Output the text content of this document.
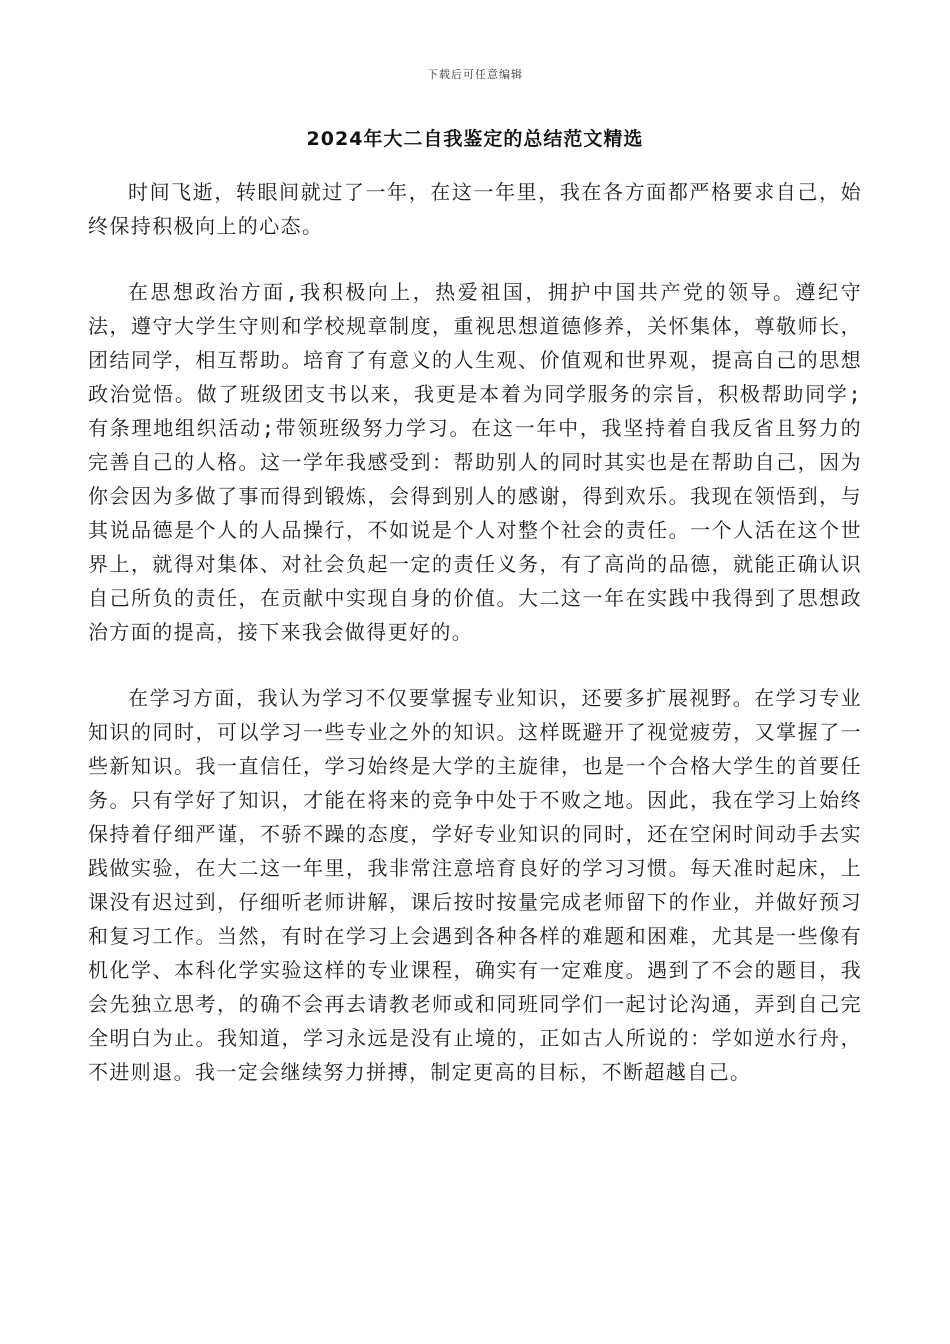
下载后可任意编辑
2024年大二自我鉴定的总结范文精选

时间飞逝，转眼间就过了一年，在这一年里，我在各方面都严格要求自己，始终保持积极向上的心态。

在思想政治方面,我积极向上，热爱祖国，拥护中国共产党的领导。遵纪守法，遵守大学生守则和学校规章制度，重视思想道德修养，关怀集体，尊敬师长，团结同学，相互帮助。培育了有意义的人生观、价值观和世界观，提高自己的思想政治觉悟。做了班级团支书以来，我更是本着为同学服务的宗旨，积极帮助同学;有条理地组织活动;带领班级努力学习。在这一年中，我坚持着自我反省且努力的完善自己的人格。这一学年我感受到：帮助别人的同时其实也是在帮助自己，因为你会因为多做了事而得到锻炼，会得到别人的感谢，得到欢乐。我现在领悟到，与其说品德是个人的人品操行，不如说是个人对整个社会的责任。一个人活在这个世界上，就得对集体、对社会负起一定的责任义务，有了高尚的品德，就能正确认识自己所负的责任，在贡献中实现自身的价值。大二这一年在实践中我得到了思想政治方面的提高，接下来我会做得更好的。

在学习方面，我认为学习不仅要掌握专业知识，还要多扩展视野。在学习专业知识的同时，可以学习一些专业之外的知识。这样既避开了视觉疲劳，又掌握了一些新知识。我一直信任，学习始终是大学的主旋律，也是一个合格大学生的首要任务。只有学好了知识，才能在将来的竞争中处于不败之地。因此，我在学习上始终保持着仔细严谨，不骄不躁的态度，学好专业知识的同时，还在空闲时间动手去实践做实验，在大二这一年里，我非常注意培育良好的学习习惯。每天准时起床，上课没有迟过到，仔细听老师讲解，课后按时按量完成老师留下的作业，并做好预习和复习工作。当然，有时在学习上会遇到各种各样的难题和困难，尤其是一些像有机化学、本科化学实验这样的专业课程，确实有一定难度。遇到了不会的题目，我会先独立思考，的确不会再去请教老师或和同班同学们一起讨论沟通，弄到自己完全明白为止。我知道，学习永远是没有止境的，正如古人所说的：学如逆水行舟，不进则退。我一定会继续努力拼搏，制定更高的目标，不断超越自己。
